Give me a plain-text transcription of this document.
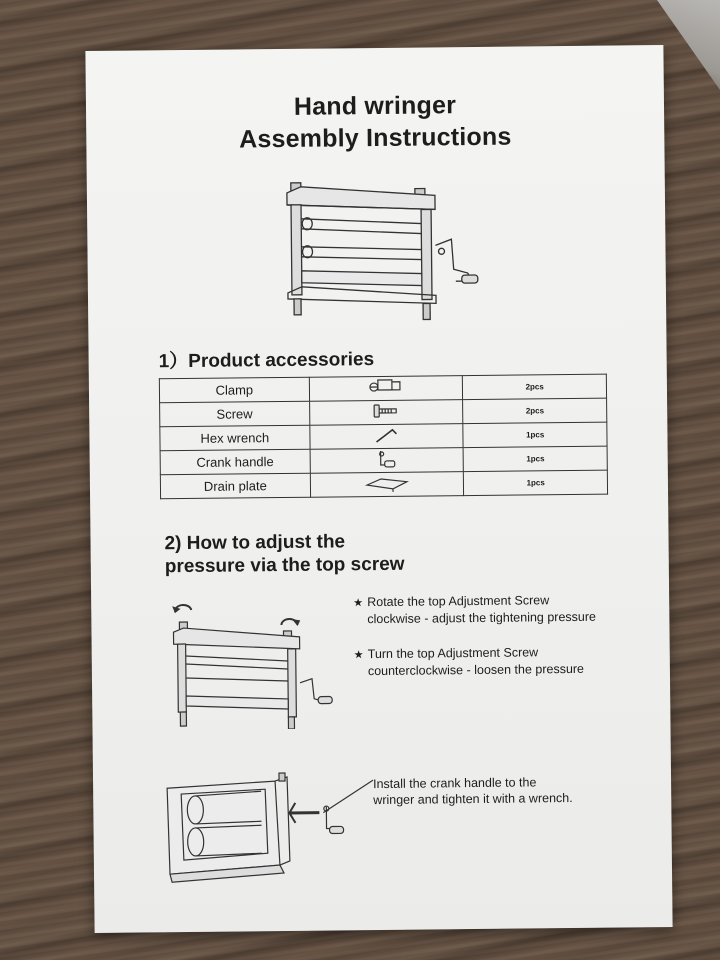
Hand wringer
Assembly Instructions
1）Product accessories
Clamp		2pcs
Screw		2pcs
Hex wrench		1pcs
Crank handle		1pcs
Drain plate		1pcs
2) How to adjust the
pressure via the top screw
★ Rotate the top Adjustment Screw
clockwise - adjust the tightening pressure
★ Turn the top Adjustment Screw
counterclockwise - loosen the pressure
Install the crank handle to the
wringer and tighten it with a wrench.
